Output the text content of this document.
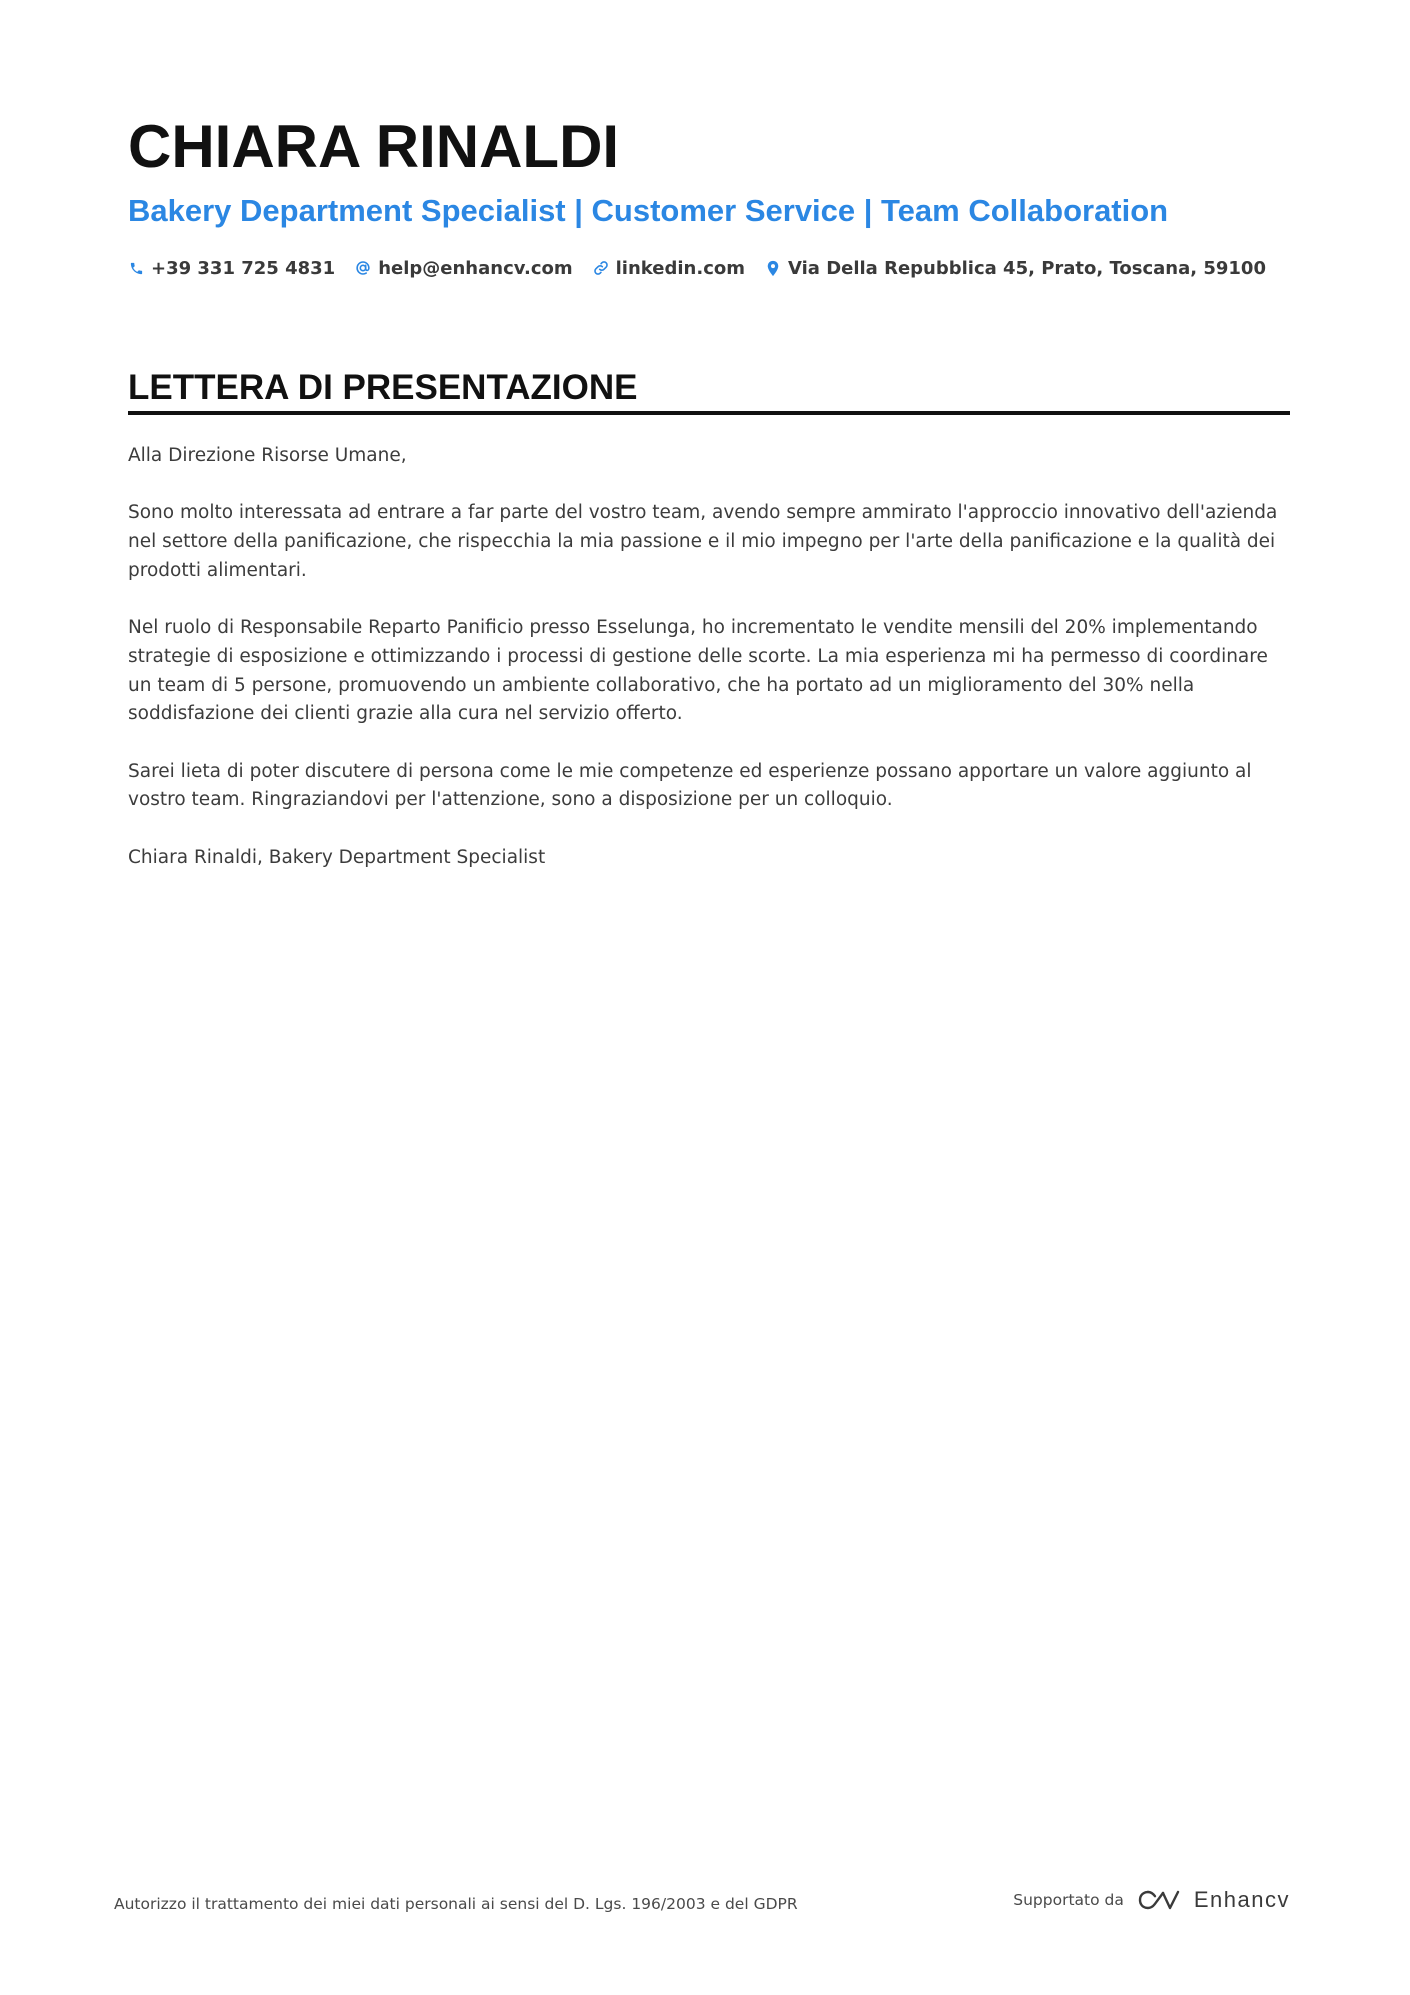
CHIARA RINALDI
Bakery Department Specialist | Customer Service | Team Collaboration
+39 331 725 4831 help@enhancv.com linkedin.com Via Della Repubblica 45, Prato, Toscana, 59100
LETTERA DI PRESENTAZIONE

Alla Direzione Risorse Umane,

Sono molto interessata ad entrare a far parte del vostro team, avendo sempre ammirato l'approccio innovativo dell'azienda nel settore della panificazione, che rispecchia la mia passione e il mio impegno per l'arte della panificazione e la qualità dei prodotti alimentari.

Nel ruolo di Responsabile Reparto Panificio presso Esselunga, ho incrementato le vendite mensili del 20% implementando strategie di esposizione e ottimizzando i processi di gestione delle scorte. La mia esperienza mi ha permesso di coordinare un team di 5 persone, promuovendo un ambiente collaborativo, che ha portato ad un miglioramento del 30% nella soddisfazione dei clienti grazie alla cura nel servizio offerto.

Sarei lieta di poter discutere di persona come le mie competenze ed esperienze possano apportare un valore aggiunto al vostro team. Ringraziandovi per l'attenzione, sono a disposizione per un colloquio.

Chiara Rinaldi, Bakery Department Specialist

Autorizzo il trattamento dei miei dati personali ai sensi del D. Lgs. 196/2003 e del GDPR	Supportato da	Enhancv
